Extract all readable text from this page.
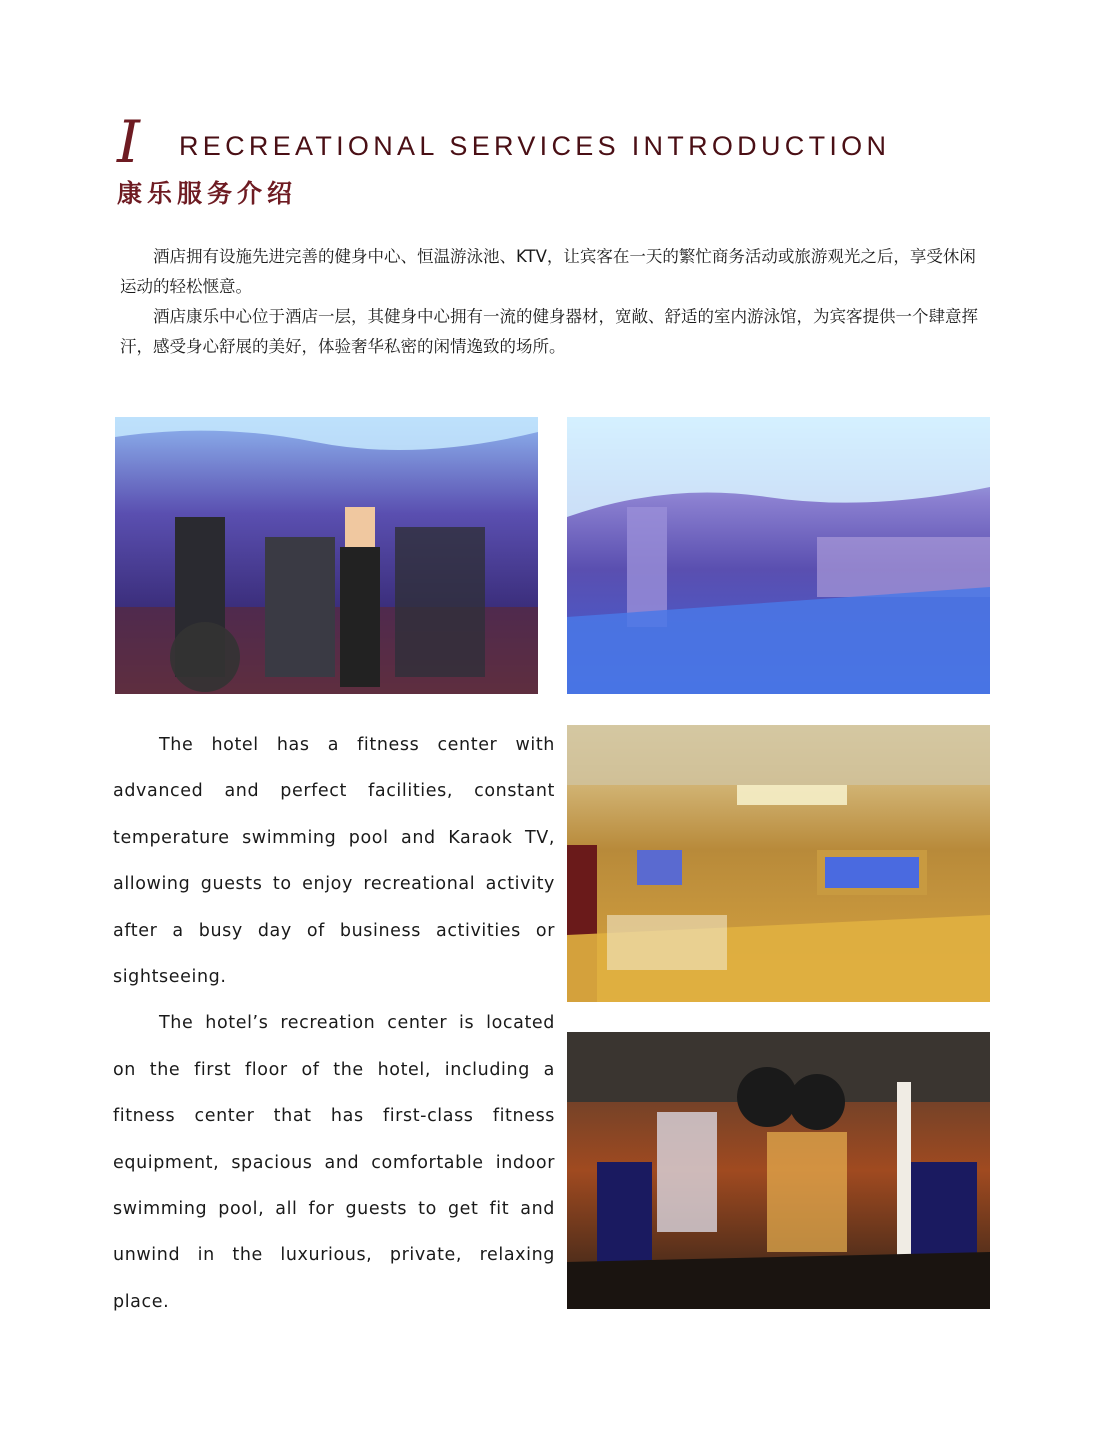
I RECREATIONAL SERVICES INTRODUCTION
康乐服务介绍

酒店拥有设施先进完善的健身中心、恒温游泳池、KTV，让宾客在一天的繁忙商务活动或旅游观光之后，享受休闲运动的轻松惬意。

酒店康乐中心位于酒店一层，其健身中心拥有一流的健身器材，宽敞、舒适的室内游泳馆，为宾客提供一个肆意挥汗，感受身心舒展的美好，体验奢华私密的闲情逸致的场所。

The hotel has a fitness center with advanced and perfect facilities, constant temperature swimming pool and Karaok TV, allowing guests to enjoy recreational activity after a busy day of business activities or sightseeing.

The hotel’s recreation center is located on the first floor of the hotel, including a fitness center that has first-class fitness equipment, spacious and comfortable indoor swimming pool, all for guests to get fit and unwind in the luxurious, private, relaxing place.
